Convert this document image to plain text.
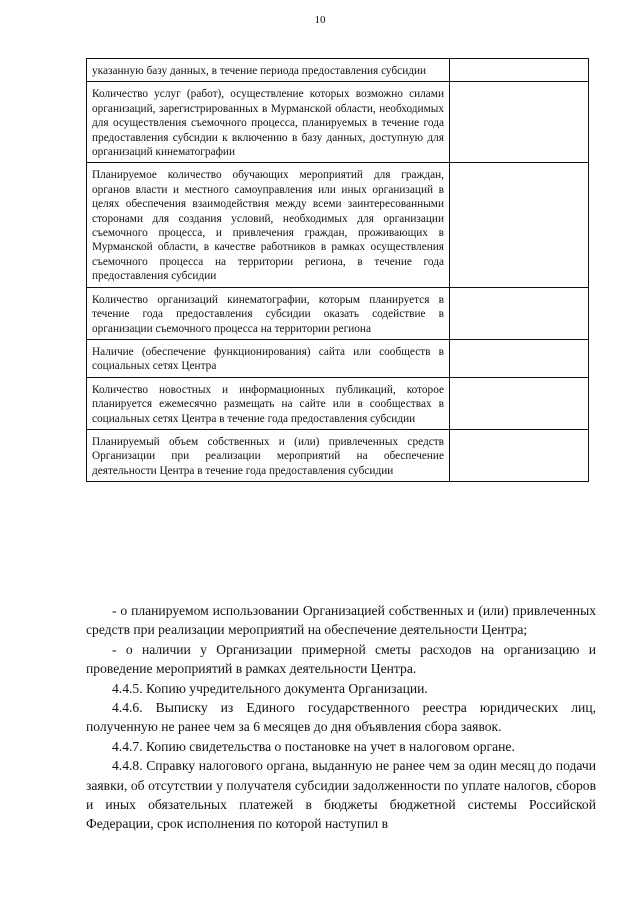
10
указанную базу данных, в течение периода предоставления субсидии	
Количество услуг (работ), осуществление которых возможно силами организаций, зарегистрированных в Мурманской области, необходимых для осуществления съемочного процесса, планируемых в течение года предоставления субсидии к включению в базу данных, доступную для организаций кинематографии	
Планируемое количество обучающих мероприятий для граждан, органов власти и местного самоуправления или иных организаций в целях обеспечения взаимодействия между всеми заинтересованными сторонами для создания условий, необходимых для организации съемочного процесса, и привлечения граждан, проживающих в Мурманской области, в качестве работников в рамках осуществления съемочного процесса на территории региона, в течение года предоставления субсидии	
Количество организаций кинематографии, которым планируется в течение года предоставления субсидии оказать содействие в организации съемочного процесса на территории региона	
Наличие (обеспечение функционирования) сайта или сообществ в социальных сетях Центра	
Количество новостных и информационных публикаций, которое планируется ежемесячно размещать на сайте или в сообществах в социальных сетях Центра в течение года предоставления субсидии	
Планируемый объем собственных и (или) привлеченных средств Организации при реализации мероприятий на обеспечение деятельности Центра в течение года предоставления субсидии	

- о планируемом использовании Организацией собственных и (или) привлеченных средств при реализации мероприятий на обеспечение деятельности Центра;

- о наличии у Организации примерной сметы расходов на организацию и проведение мероприятий в рамках деятельности Центра.

4.4.5. Копию учредительного документа Организации.

4.4.6. Выписку из Единого государственного реестра юридических лиц, полученную не ранее чем за 6 месяцев до дня объявления сбора заявок.

4.4.7. Копию свидетельства о постановке на учет в налоговом органе.

4.4.8. Справку налогового органа, выданную не ранее чем за один месяц до подачи заявки, об отсутствии у получателя субсидии задолженности по уплате налогов, сборов и иных обязательных платежей в бюджеты бюджетной системы Российской Федерации, срок исполнения по которой наступил в
